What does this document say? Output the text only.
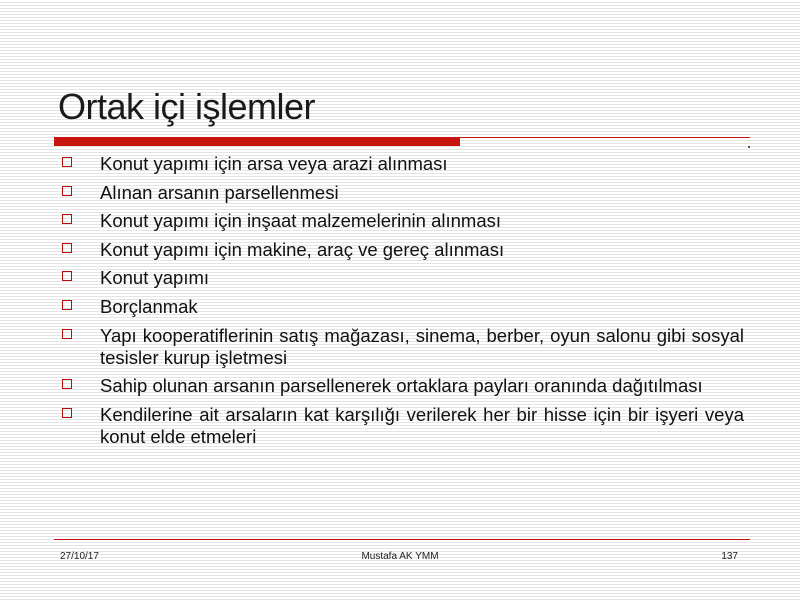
Ortak içi işlemler
Konut yapımı için arsa veya arazi alınması
Alınan arsanın parsellenmesi
Konut yapımı için inşaat malzemelerinin alınması
Konut yapımı için makine, araç ve gereç alınması
Konut yapımı
Borçlanmak
Yapı kooperatiflerinin satış mağazası, sinema, berber, oyun salonu gibi sosyal tesisler kurup işletmesi
Sahip olunan arsanın parsellenerek ortaklara payları oranında dağıtılması
Kendilerine ait arsaların kat karşılığı verilerek her bir hisse için bir işyeri veya konut elde etmeleri
27/10/17	Mustafa AK YMM	137
